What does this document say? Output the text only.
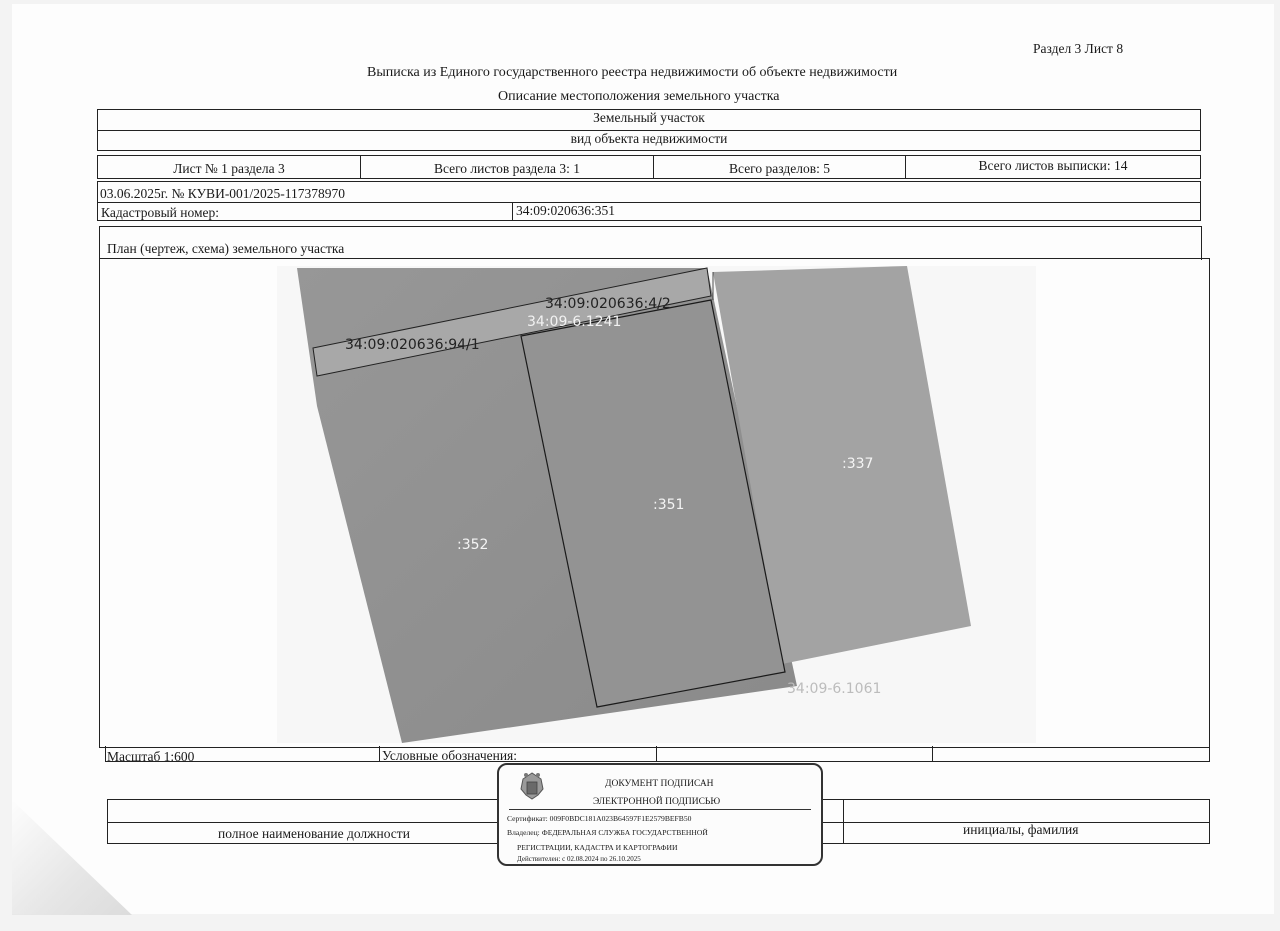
Раздел 3 Лист 8
Выписка из Единого государственного реестра недвижимости об объекте недвижимости
Описание местоположения земельного участка
Земельный участок
вид объекта недвижимости
Лист № 1 раздела 3	Всего листов раздела 3: 1	Всего разделов: 5	Всего листов выписки: 14
03.06.2025г. № КУВИ-001/2025-117378970
Кадастровый номер:	34:09:020636:351
План (чертеж, схема) земельного участка
34:09:020636:4/2
34:09-6.1241
34:09:020636:94/1
:337
:351
:352
34:09-6.1061
Масштаб 1:600	Условные обозначения:
полное наименование должности	инициалы, фамилия
ДОКУМЕНТ ПОДПИСАН
ЭЛЕКТРОННОЙ ПОДПИСЬЮ
Сертификат: 009F0BDC181A023B64597F1E2579BEFB50
Владелец: ФЕДЕРАЛЬНАЯ СЛУЖБА ГОСУДАРСТВЕННОЙ
РЕГИСТРАЦИИ, КАДАСТРА И КАРТОГРАФИИ
Действителен: с 02.08.2024 по 26.10.2025
